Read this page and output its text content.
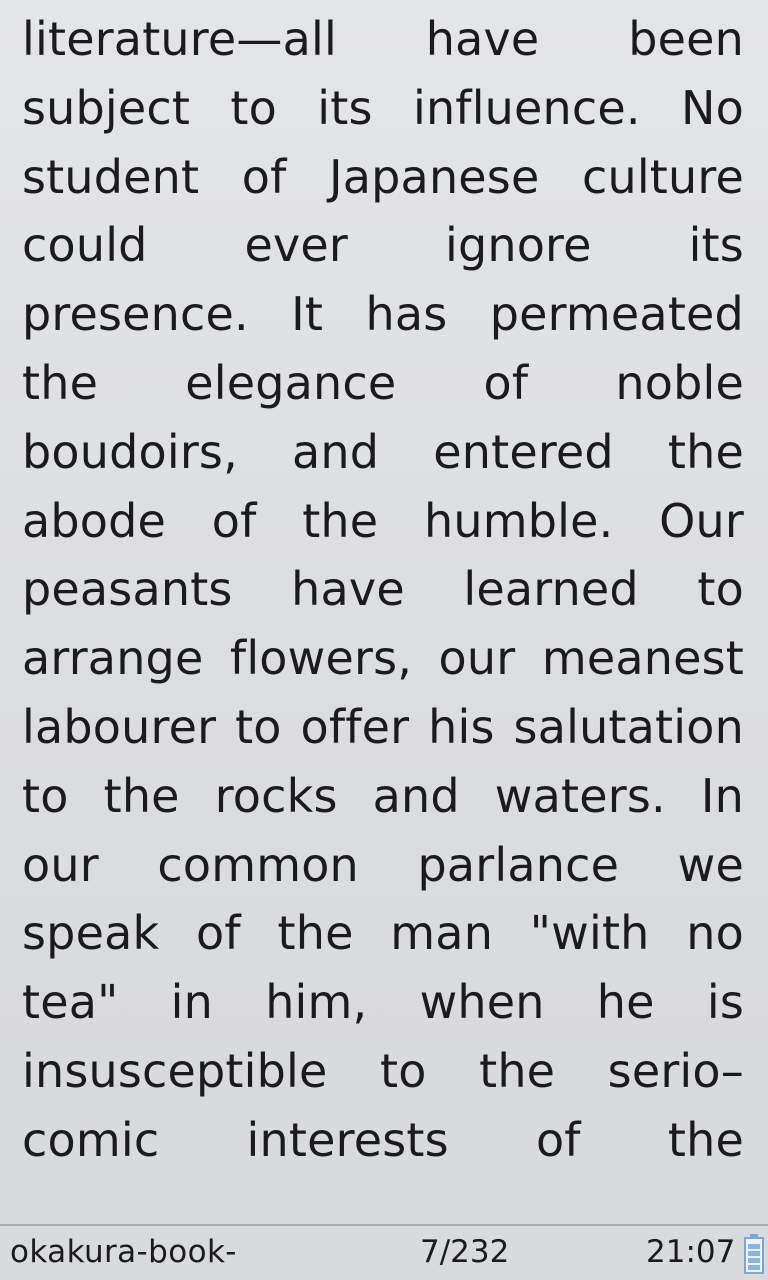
literature—all have been
subject to its influence. No
student of Japanese culture
could ever ignore its
presence. It has permeated
the elegance of noble
boudoirs, and entered the
abode of the humble. Our
peasants have learned to
arrange flowers, our meanest
labourer to offer his salutation
to the rocks and waters. In
our common parlance we
speak of the man "with no
tea" in him, when he is
insusceptible to the serio–
comic interests of the
okakura-book-	7/232	21:07
